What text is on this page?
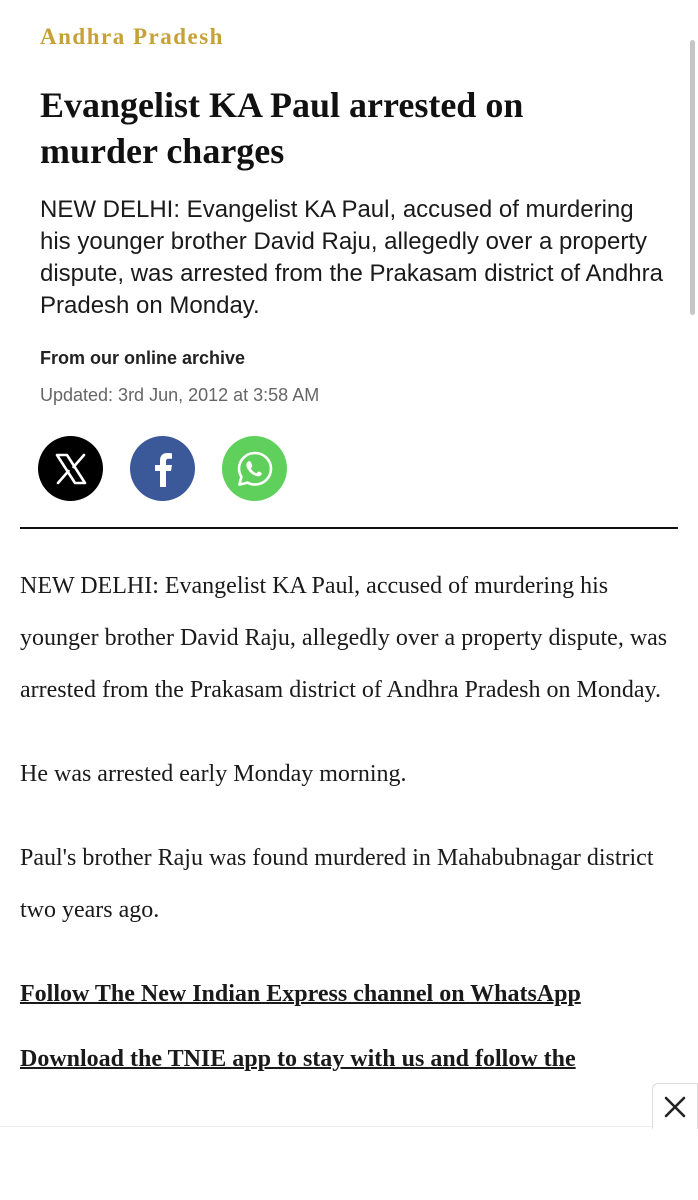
Andhra Pradesh
Evangelist KA Paul arrested on murder charges

NEW DELHI: Evangelist KA Paul, accused of murdering his younger brother David Raju, allegedly over a property dispute, was arrested from the Prakasam district of Andhra Pradesh on Monday.

From our online archive
Updated: 3rd Jun, 2012 at 3:58 AM

NEW DELHI: Evangelist KA Paul, accused of murdering his younger brother David Raju, allegedly over a property dispute, was arrested from the Prakasam district of Andhra Pradesh on Monday.

He was arrested early Monday morning.

Paul's brother Raju was found murdered in Mahabubnagar district two years ago.

Follow The New Indian Express channel on WhatsApp
Download the TNIE app to stay with us and follow the
